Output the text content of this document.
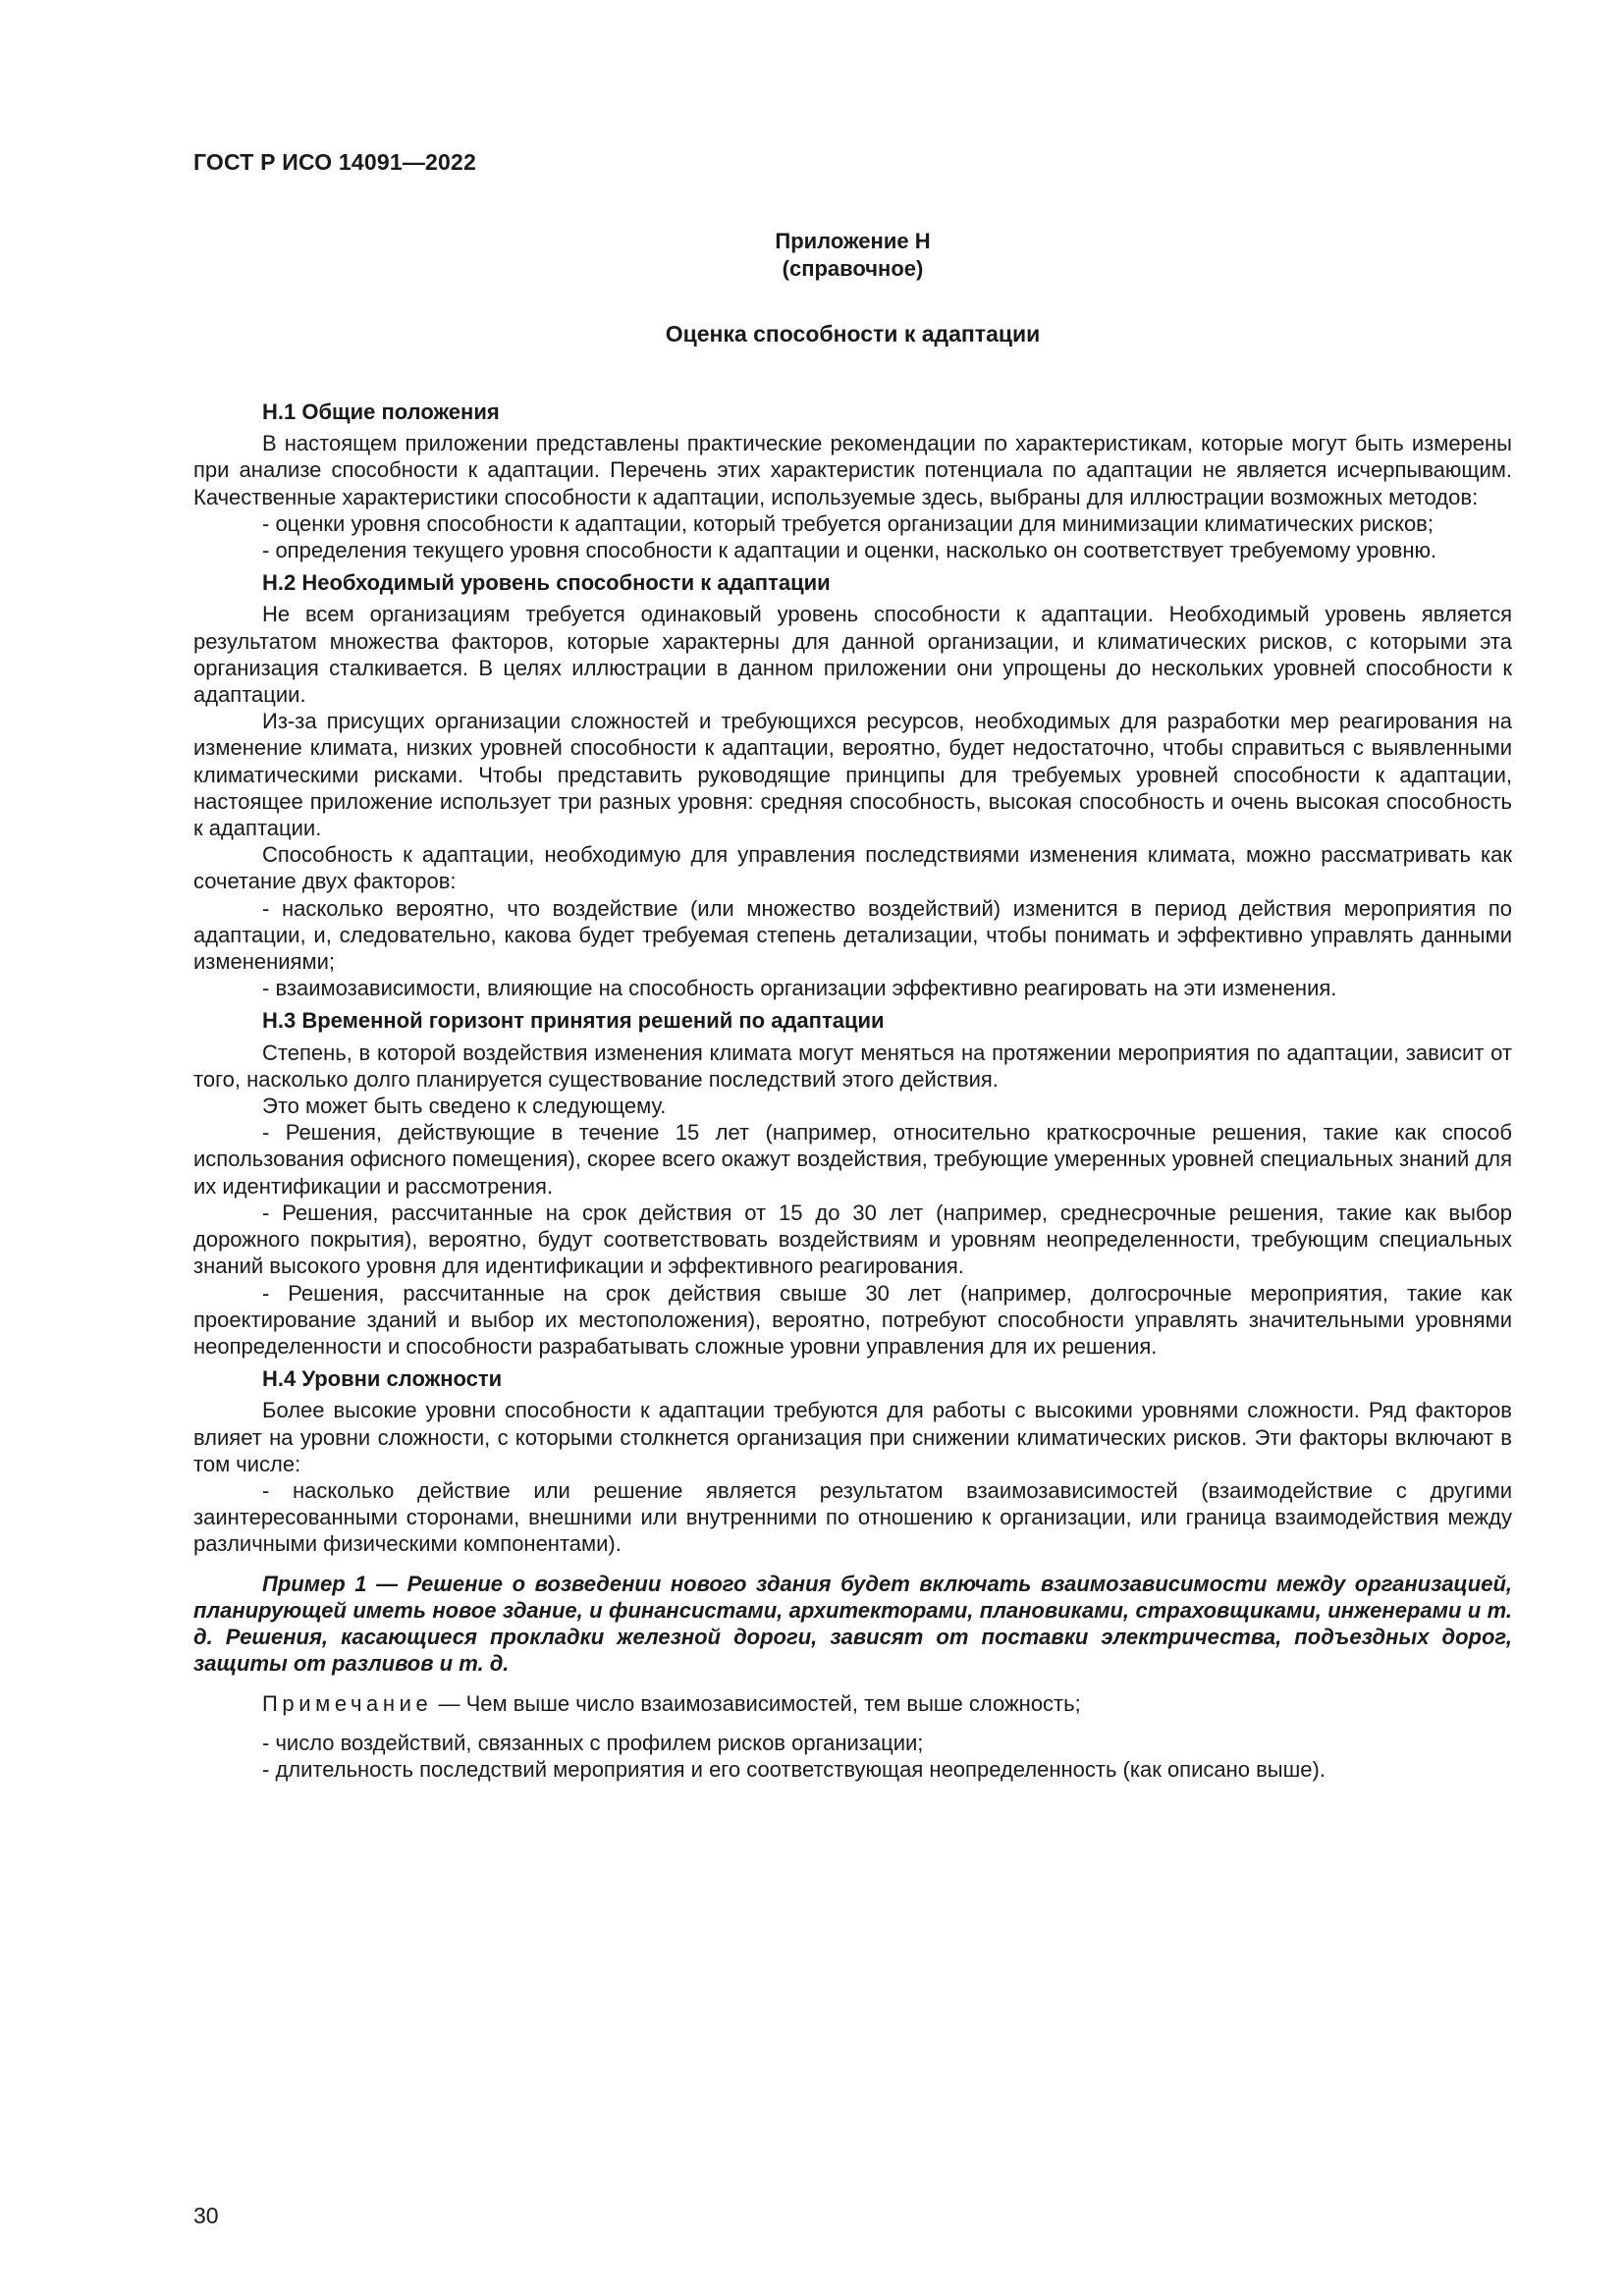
ГОСТ Р ИСО 14091—2022
Приложение Н
(справочное)
Оценка способности к адаптации
Н.1 Общие положения

В настоящем приложении представлены практические рекомендации по характеристикам, которые могут быть измерены при анализе способности к адаптации. Перечень этих характеристик потенциала по адаптации не является исчерпывающим. Качественные характеристики способности к адаптации, используемые здесь, выбраны для иллюстрации возможных методов:

- оценки уровня способности к адаптации, который требуется организации для минимизации климатических рисков;

- определения текущего уровня способности к адаптации и оценки, насколько он соответствует требуемому уровню.

Н.2 Необходимый уровень способности к адаптации

Не всем организациям требуется одинаковый уровень способности к адаптации. Необходимый уровень является результатом множества факторов, которые характерны для данной организации, и климатических рисков, с которыми эта организация сталкивается. В целях иллюстрации в данном приложении они упрощены до нескольких уровней способности к адаптации.

Из-за присущих организации сложностей и требующихся ресурсов, необходимых для разработки мер реагирования на изменение климата, низких уровней способности к адаптации, вероятно, будет недостаточно, чтобы справиться с выявленными климатическими рисками. Чтобы представить руководящие принципы для требуемых уровней способности к адаптации, настоящее приложение использует три разных уровня: средняя способность, высокая способность и очень высокая способность к адаптации.

Способность к адаптации, необходимую для управления последствиями изменения климата, можно рассматривать как сочетание двух факторов:

- насколько вероятно, что воздействие (или множество воздействий) изменится в период действия мероприятия по адаптации, и, следовательно, какова будет требуемая степень детализации, чтобы понимать и эффективно управлять данными изменениями;

- взаимозависимости, влияющие на способность организации эффективно реагировать на эти изменения.

Н.3 Временной горизонт принятия решений по адаптации

Степень, в которой воздействия изменения климата могут меняться на протяжении мероприятия по адаптации, зависит от того, насколько долго планируется существование последствий этого действия.

Это может быть сведено к следующему.

- Решения, действующие в течение 15 лет (например, относительно краткосрочные решения, такие как способ использования офисного помещения), скорее всего окажут воздействия, требующие умеренных уровней специальных знаний для их идентификации и рассмотрения.

- Решения, рассчитанные на срок действия от 15 до 30 лет (например, среднесрочные решения, такие как выбор дорожного покрытия), вероятно, будут соответствовать воздействиям и уровням неопределенности, требующим специальных знаний высокого уровня для идентификации и эффективного реагирования.

- Решения, рассчитанные на срок действия свыше 30 лет (например, долгосрочные мероприятия, такие как проектирование зданий и выбор их местоположения), вероятно, потребуют способности управлять значительными уровнями неопределенности и способности разрабатывать сложные уровни управления для их решения.

Н.4 Уровни сложности

Более высокие уровни способности к адаптации требуются для работы с высокими уровнями сложности. Ряд факторов влияет на уровни сложности, с которыми столкнется организация при снижении климатических рисков. Эти факторы включают в том числе:

- насколько действие или решение является результатом взаимозависимостей (взаимодействие с другими заинтересованными сторонами, внешними или внутренними по отношению к организации, или граница взаимодействия между различными физическими компонентами).

Пример 1 — Решение о возведении нового здания будет включать взаимозависимости между организацией, планирующей иметь новое здание, и финансистами, архитекторами, плановиками, страховщиками, инженерами и т. д. Решения, касающиеся прокладки железной дороги, зависят от поставки электричества, подъездных дорог, защиты от разливов и т. д.

Примечание — Чем выше число взаимозависимостей, тем выше сложность;

- число воздействий, связанных с профилем рисков организации;

- длительность последствий мероприятия и его соответствующая неопределенность (как описано выше).

30
